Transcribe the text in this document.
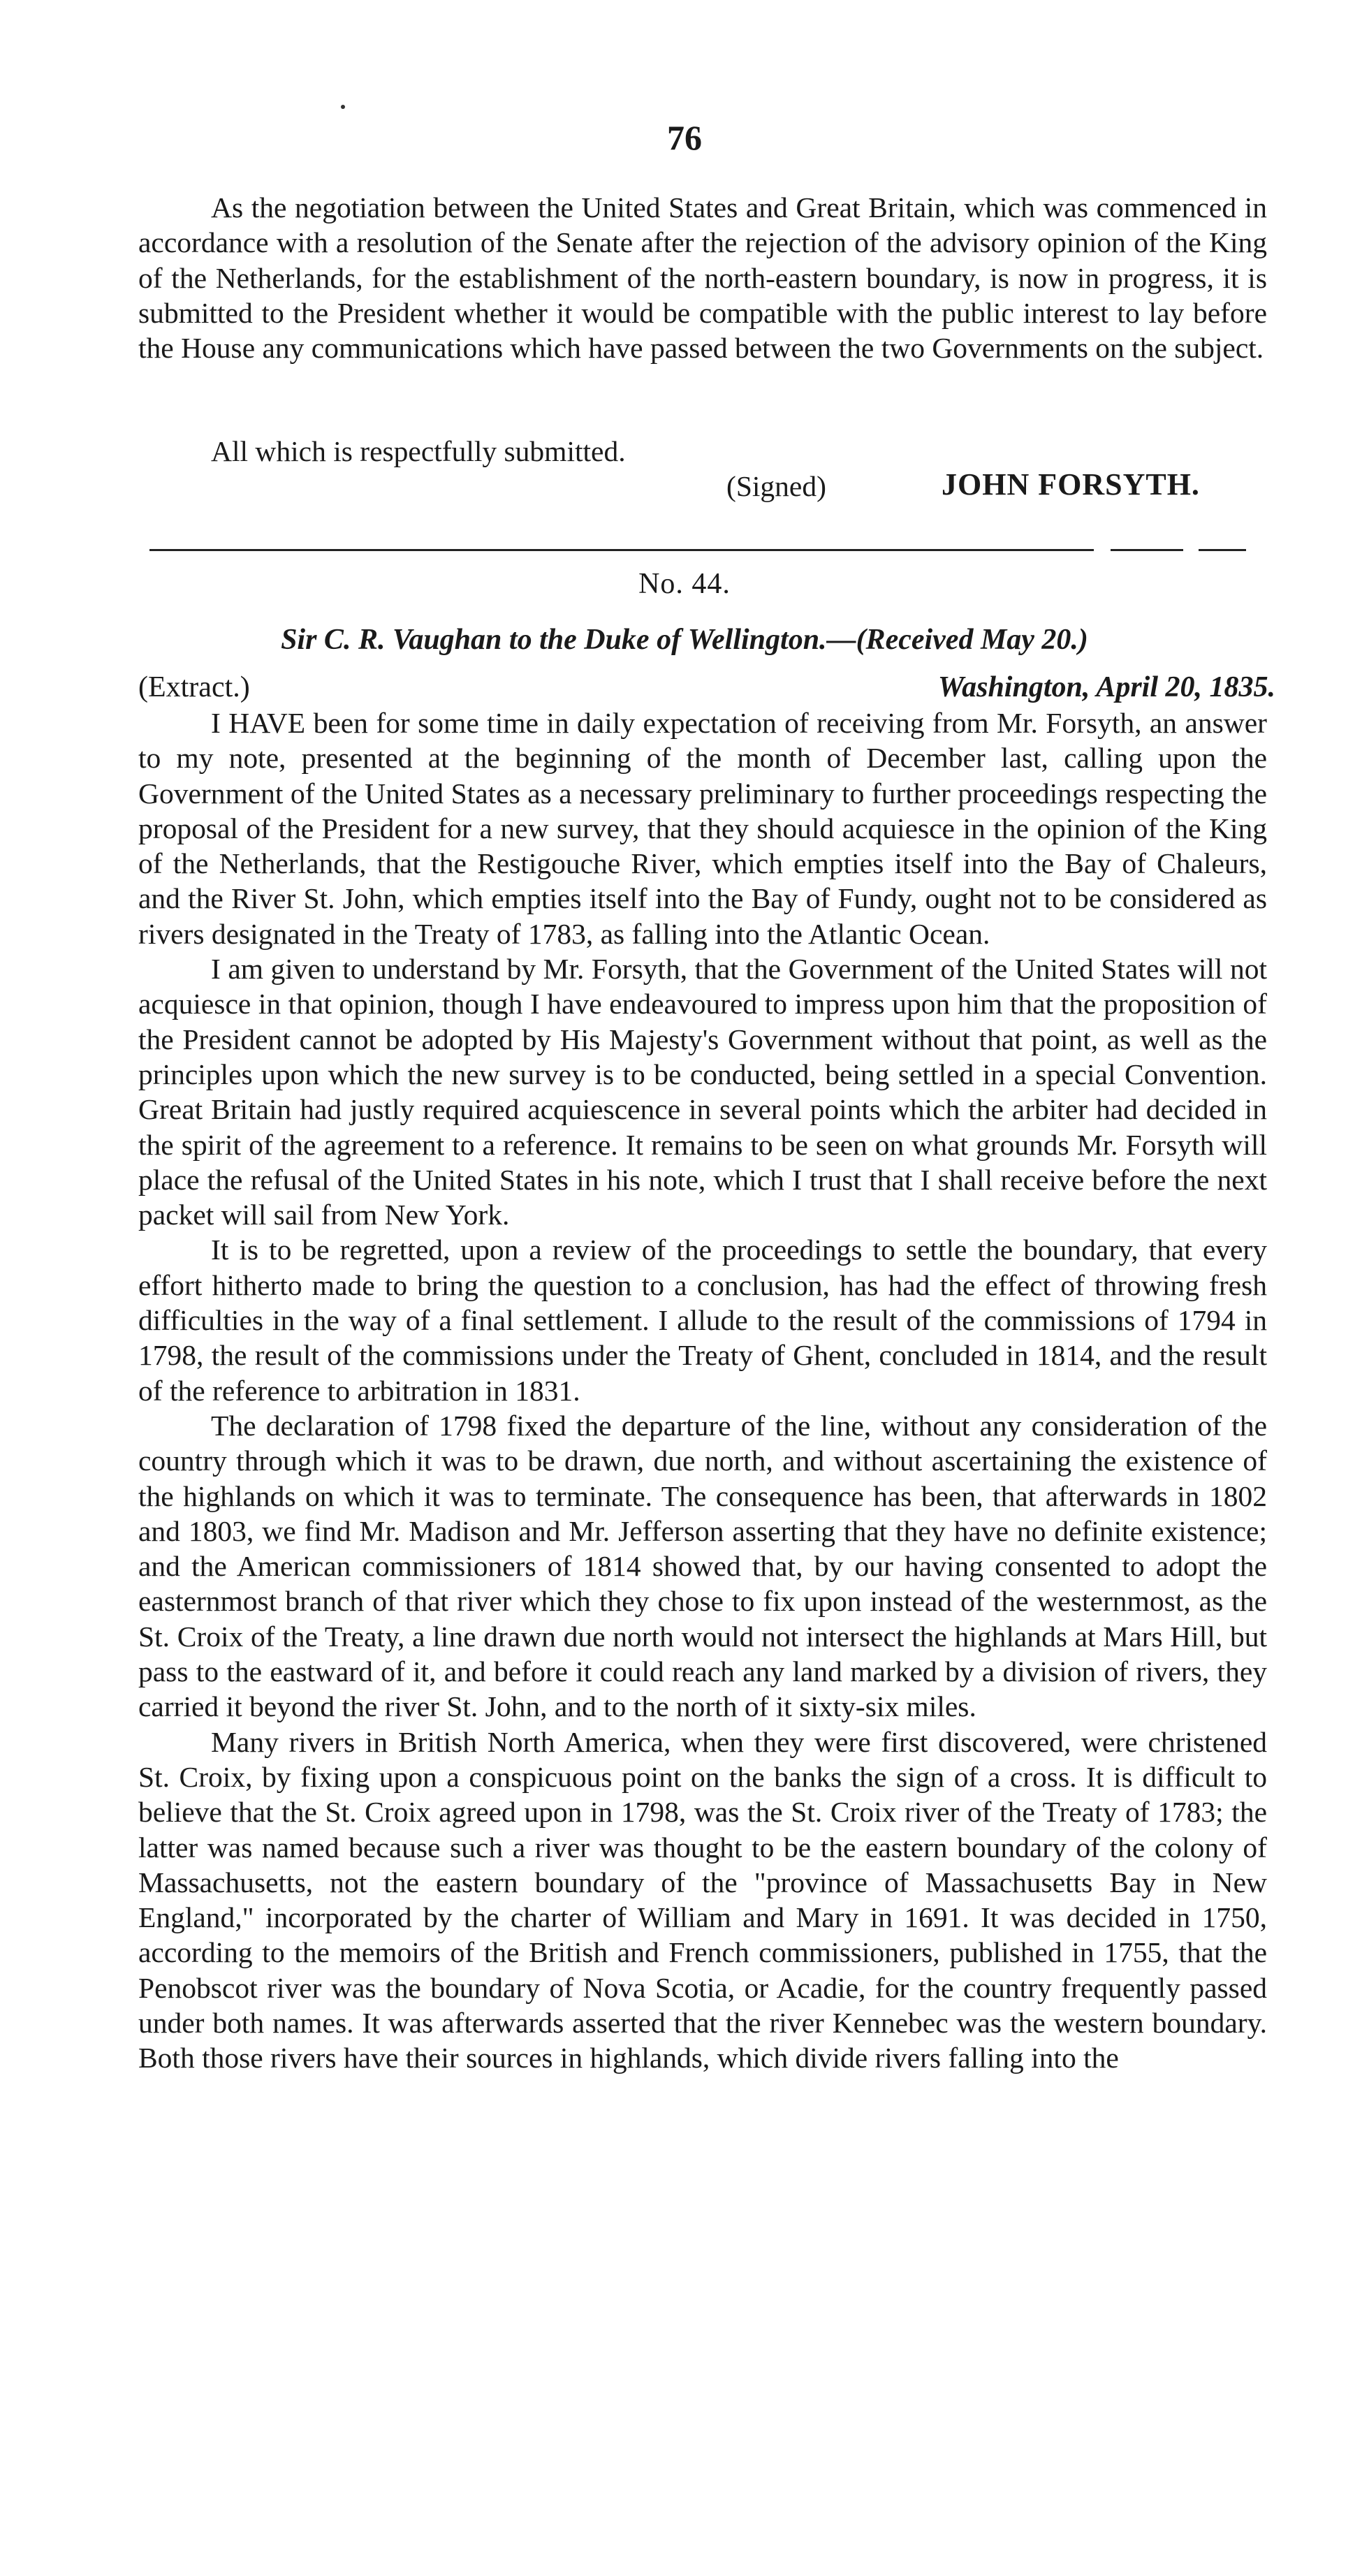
76

As the negotiation between the United States and Great Britain, which was commenced in accordance with a resolution of the Senate after the rejection of the advisory opinion of the King of the Netherlands, for the establishment of the north-eastern boundary, is now in progress, it is submitted to the President whether it would be compatible with the public interest to lay before the House any communications which have passed between the two Governments on the subject.

All which is respectfully submitted.
(Signed)	JOHN FORSYTH.
No. 44.
Sir C. R. Vaughan to the Duke of Wellington.—(Received May 20.)
(Extract.)	Washington, April 20, 1835.

I HAVE been for some time in daily expectation of receiving from Mr. Forsyth, an answer to my note, presented at the beginning of the month of December last, calling upon the Government of the United States as a necessary preliminary to further proceedings respecting the proposal of the President for a new survey, that they should acquiesce in the opinion of the King of the Netherlands, that the Restigouche River, which empties itself into the Bay of Chaleurs, and the River St. John, which empties itself into the Bay of Fundy, ought not to be considered as rivers designated in the Treaty of 1783, as falling into the Atlantic Ocean.

I am given to understand by Mr. Forsyth, that the Government of the United States will not acquiesce in that opinion, though I have endeavoured to impress upon him that the proposition of the President cannot be adopted by His Majesty's Government without that point, as well as the principles upon which the new survey is to be conducted, being settled in a special Convention. Great Britain had justly required acquiescence in several points which the arbiter had decided in the spirit of the agreement to a reference. It remains to be seen on what grounds Mr. Forsyth will place the refusal of the United States in his note, which I trust that I shall receive before the next packet will sail from New York.

It is to be regretted, upon a review of the proceedings to settle the boundary, that every effort hitherto made to bring the question to a conclusion, has had the effect of throwing fresh difficulties in the way of a final settlement. I allude to the result of the commissions of 1794 in 1798, the result of the commissions under the Treaty of Ghent, concluded in 1814, and the result of the reference to arbitration in 1831.

The declaration of 1798 fixed the departure of the line, without any consideration of the country through which it was to be drawn, due north, and without ascertaining the existence of the highlands on which it was to terminate. The consequence has been, that afterwards in 1802 and 1803, we find Mr. Madison and Mr. Jefferson asserting that they have no definite existence; and the American commissioners of 1814 showed that, by our having consented to adopt the easternmost branch of that river which they chose to fix upon instead of the westernmost, as the St. Croix of the Treaty, a line drawn due north would not intersect the highlands at Mars Hill, but pass to the eastward of it, and before it could reach any land marked by a division of rivers, they carried it beyond the river St. John, and to the north of it sixty-six miles.

Many rivers in British North America, when they were first discovered, were christened St. Croix, by fixing upon a conspicuous point on the banks the sign of a cross. It is difficult to believe that the St. Croix agreed upon in 1798, was the St. Croix river of the Treaty of 1783; the latter was named because such a river was thought to be the eastern boundary of the colony of Massachusetts, not the eastern boundary of the "province of Massachusetts Bay in New England," incorporated by the charter of William and Mary in 1691. It was decided in 1750, according to the memoirs of the British and French commissioners, published in 1755, that the Penobscot river was the boundary of Nova Scotia, or Acadie, for the country frequently passed under both names. It was afterwards asserted that the river Kennebec was the western boundary. Both those rivers have their sources in highlands, which divide rivers falling into the
